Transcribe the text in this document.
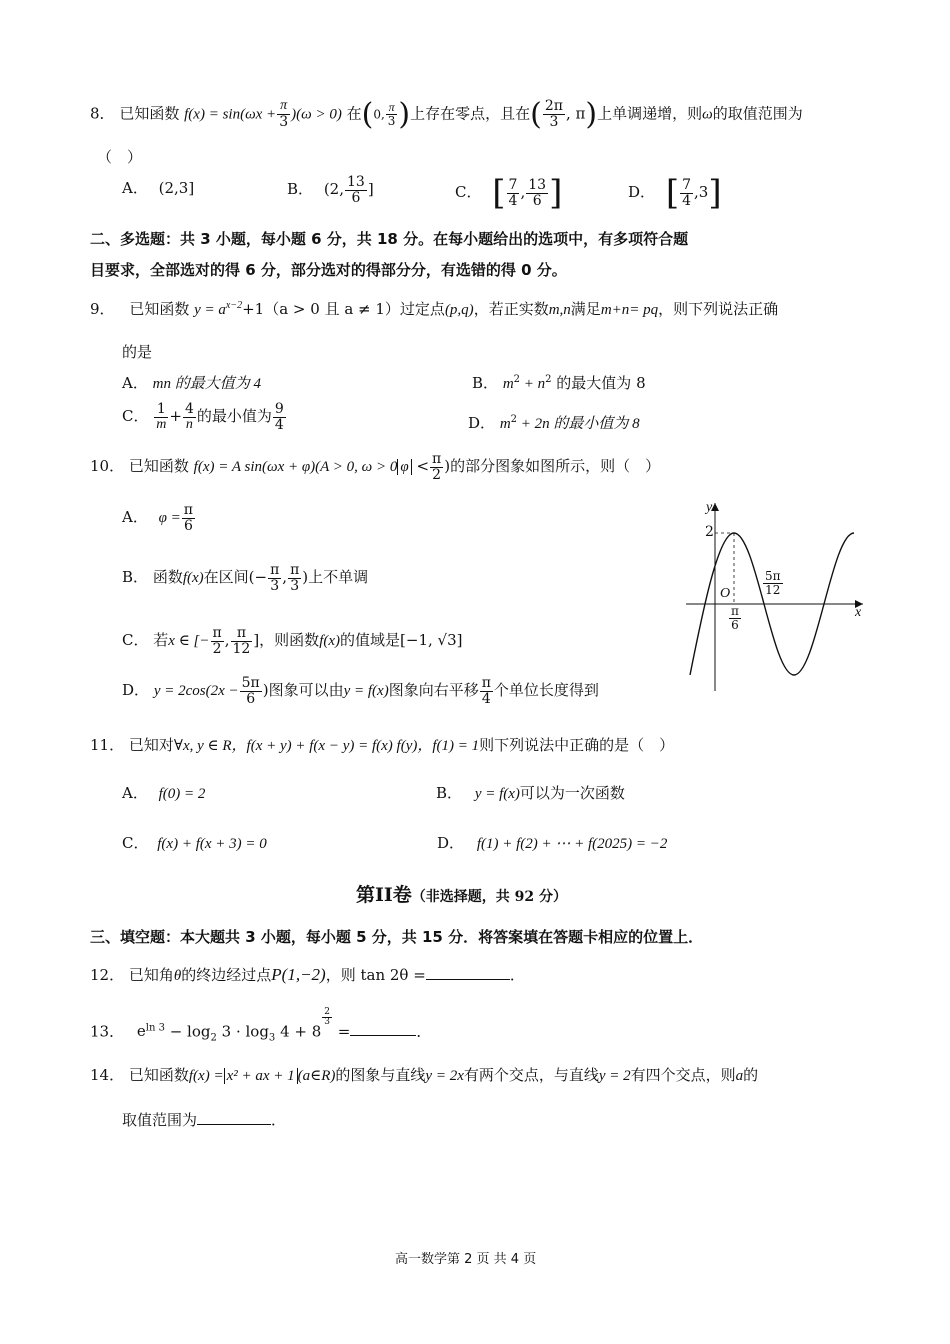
8． 已知函数 $f(x) = \sin(\omega x + \frac{\pi}{3} )(\omega > 0)$ 在(0, $\frac{\pi}{3}$ )上存在零点，且在( $\frac{2\pi}{3}$ , π)上单调递增，则ω的取值范围为
（　）
A． (2,3]	B． (2, $\frac{13}{6}$ ]	C． [ $\frac{7}{4}$ , $\frac{13}{6}$ ]	D． [ $\frac{7}{4} ,3$]
二、多选题：共 3 小题，每小题 6 分，共 18 分。在每小题给出的选项中，有多项符合题
目要求，全部选对的得 6 分，部分选对的得部分分，有选错的得 0 分。
9． 已知函数 $y = a^{x-2}+1(a > 0$ 且 a ≠ 1）过定点(p,q)，若正实数m,n满足m+n= pq，则下列说法正确
的是
A． mn 的最大值为 4	B． $m^2 + n^2$ 的最大值为 8
C． $\frac{1}{m} + \frac{4}{n}$ 的最小值为 $\frac{9}{4}$	D． $m^2 + 2n$ 的最小值为 8
10． 已知函数 f(x) = A sin(ωx + φ)(A > 0, ω > 0 $\varphi < \frac{\pi}{2}$ )的部分图象如图所示，则（　）
A． $\varphi = \frac{\pi}{6}$
B． 函数f(x)在区间(− $\frac{\pi}{3}$ , $\frac{\pi}{3}$ )上不单调
C． 若x ∈ [− $\frac{\pi}{2}$ , $\frac{\pi}{12}$ ]，则函数f(x)的值域是[−1, √3]
D． $y = 2\cos(2x - \frac{5\pi}{6}$ )图象可以由y = f(x)图象向右平移 $\frac{\pi}{4}$ 个单位长度得到
y
x
2
O
$\frac{\pi}{6}$
$\frac{5\pi}{12}$
11． 已知对∀x, y ∈ R，f(x + y) + f(x − y) = f(x) f(y)，f(1) = 1则下列说法中正确的是（　）
A． f(0) = 2	B． y = f(x)可以为一次函数
C． f(x) + f(x + 3) = 0	D． f(1) + f(2) + ⋯ + f(2025) = −2
第II卷（非选择题，共 92 分）
三、填空题：本大题共 3 小题，每小题 5 分，共 15 分．将答案填在答题卡相应的位置上．
12． 已知角θ的终边经过点P(1,−2)，则 tan 2θ =	．
13． $e^{ln 3} - \log_2 3 \cdot \log_3 4 + 8$
$^{\frac{2}{3}}$
=	．
14． 已知函数f(x) = x² + ax + 1 (a∈R)的图象与直线y = 2x有两个交点，与直线y = 2有四个交点，则a的
取值范围为	．
高一数学第 2 页 共 4 页
